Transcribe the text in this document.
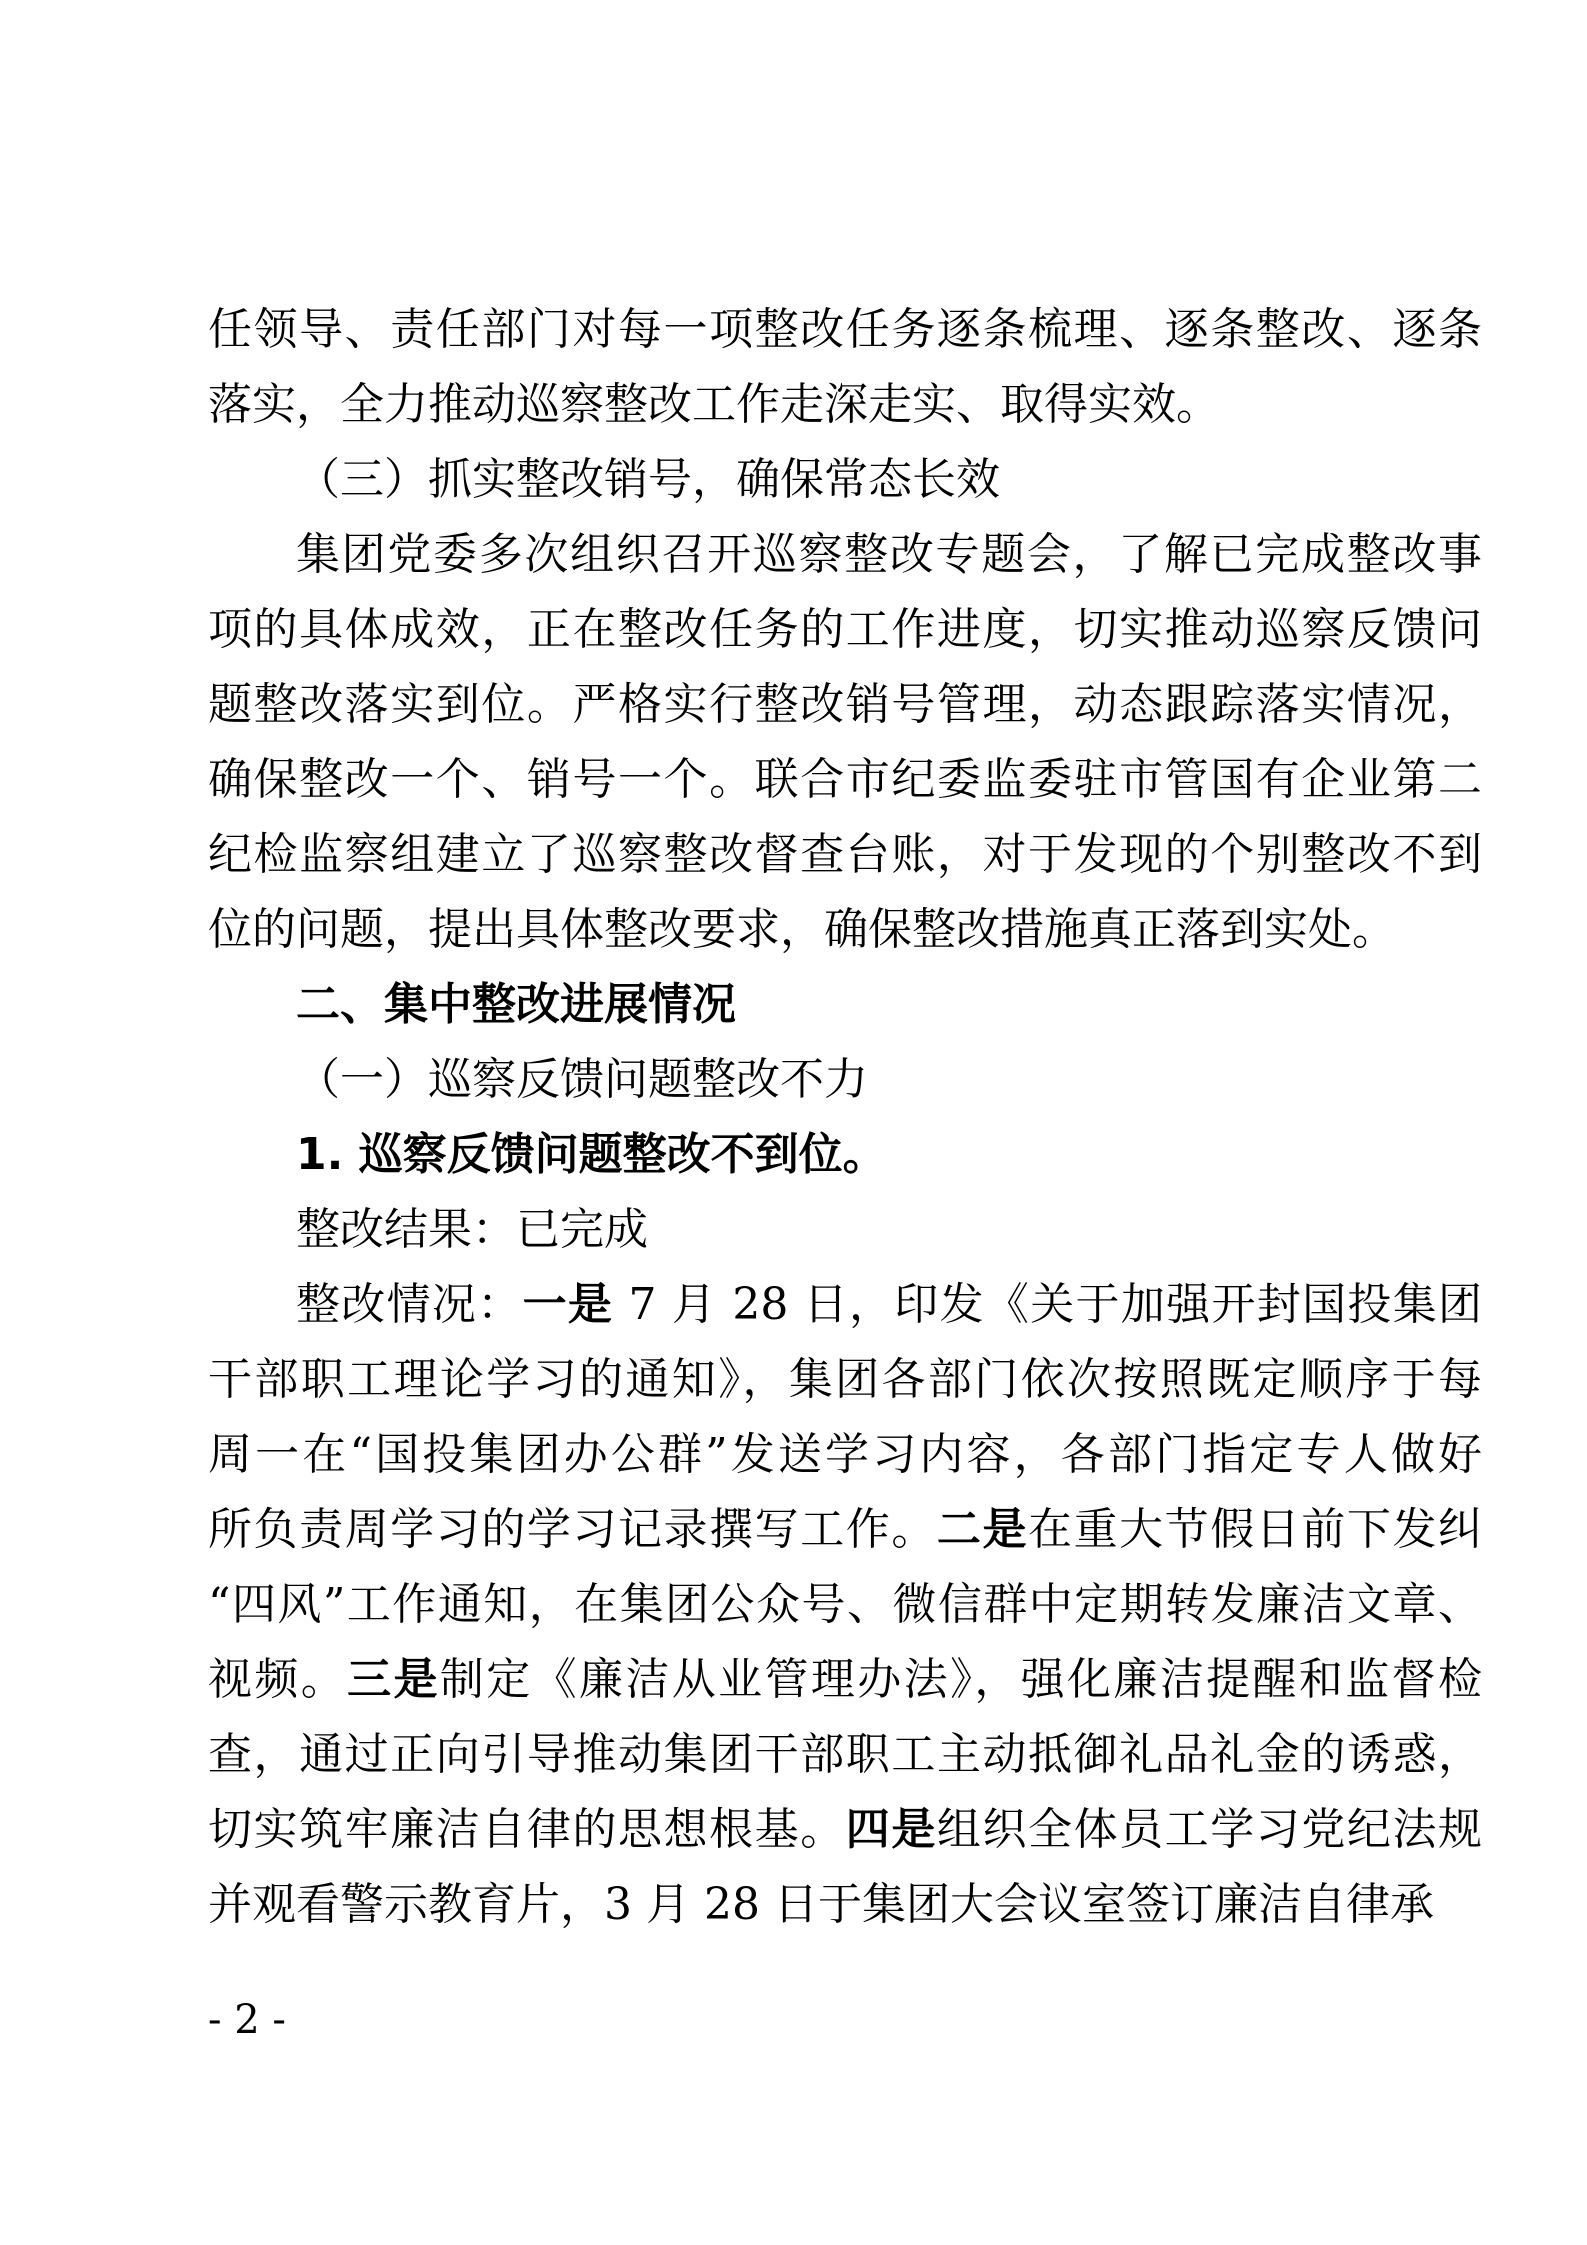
任领导、责任部门对每一项整改任务逐条梳理、逐条整改、逐条
落实，全力推动巡察整改工作走深走实、取得实效。
（三）抓实整改销号，确保常态长效
集团党委多次组织召开巡察整改专题会，了解已完成整改事
项的具体成效，正在整改任务的工作进度，切实推动巡察反馈问
题整改落实到位。严格实行整改销号管理，动态跟踪落实情况，
确保整改一个、销号一个。联合市纪委监委驻市管国有企业第二
纪检监察组建立了巡察整改督查台账，对于发现的个别整改不到
位的问题，提出具体整改要求，确保整改措施真正落到实处。
二、集中整改进展情况
（一）巡察反馈问题整改不力
1. 巡察反馈问题整改不到位。
整改结果：已完成
整改情况：一是 7 月 28 日，印发《关于加强开封国投集团
干部职工理论学习的通知》，集团各部门依次按照既定顺序于每
周一在“国投集团办公群”发送学习内容，各部门指定专人做好
所负责周学习的学习记录撰写工作。二是在重大节假日前下发纠
“四风”工作通知，在集团公众号、微信群中定期转发廉洁文章、
视频。三是制定《廉洁从业管理办法》，强化廉洁提醒和监督检
查，通过正向引导推动集团干部职工主动抵御礼品礼金的诱惑，
切实筑牢廉洁自律的思想根基。四是组织全体员工学习党纪法规
并观看警示教育片，3 月 28 日于集团大会议室签订廉洁自律承
- 2 -
